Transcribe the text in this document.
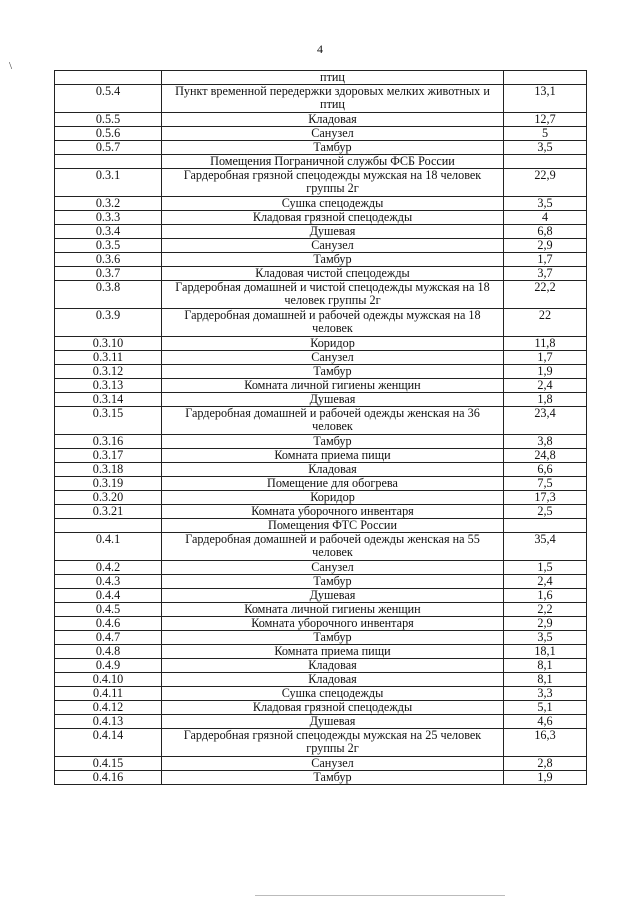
4
\
	птиц	
0.5.4	Пункт временной передержки здоровых мелких животных и птиц	13,1
0.5.5	Кладовая	12,7
0.5.6	Санузел	5
0.5.7	Тамбур	3,5
	Помещения Пограничной службы ФСБ России	
0.3.1	Гардеробная грязной спецодежды мужская на 18 человек группы 2г	22,9
0.3.2	Сушка спецодежды	3,5
0.3.3	Кладовая грязной спецодежды	4
0.3.4	Душевая	6,8
0.3.5	Санузел	2,9
0.3.6	Тамбур	1,7
0.3.7	Кладовая чистой спецодежды	3,7
0.3.8	Гардеробная домашней и чистой спецодежды мужская на 18 человек группы 2г	22,2
0.3.9	Гардеробная домашней и рабочей одежды мужская на 18 человек	22
0.3.10	Коридор	11,8
0.3.11	Санузел	1,7
0.3.12	Тамбур	1,9
0.3.13	Комната личной гигиены женщин	2,4
0.3.14	Душевая	1,8
0.3.15	Гардеробная домашней и рабочей одежды женская на 36 человек	23,4
0.3.16	Тамбур	3,8
0.3.17	Комната приема пищи	24,8
0.3.18	Кладовая	6,6
0.3.19	Помещение для обогрева	7,5
0.3.20	Коридор	17,3
0.3.21	Комната уборочного инвентаря	2,5
	Помещения ФТС России	
0.4.1	Гардеробная домашней и рабочей одежды женская на 55 человек	35,4
0.4.2	Санузел	1,5
0.4.3	Тамбур	2,4
0.4.4	Душевая	1,6
0.4.5	Комната личной гигиены женщин	2,2
0.4.6	Комната уборочного инвентаря	2,9
0.4.7	Тамбур	3,5
0.4.8	Комната приема пищи	18,1
0.4.9	Кладовая	8,1
0.4.10	Кладовая	8,1
0.4.11	Сушка спецодежды	3,3
0.4.12	Кладовая грязной спецодежды	5,1
0.4.13	Душевая	4,6
0.4.14	Гардеробная грязной спецодежды мужская на 25 человек группы 2г	16,3
0.4.15	Санузел	2,8
0.4.16	Тамбур	1,9
